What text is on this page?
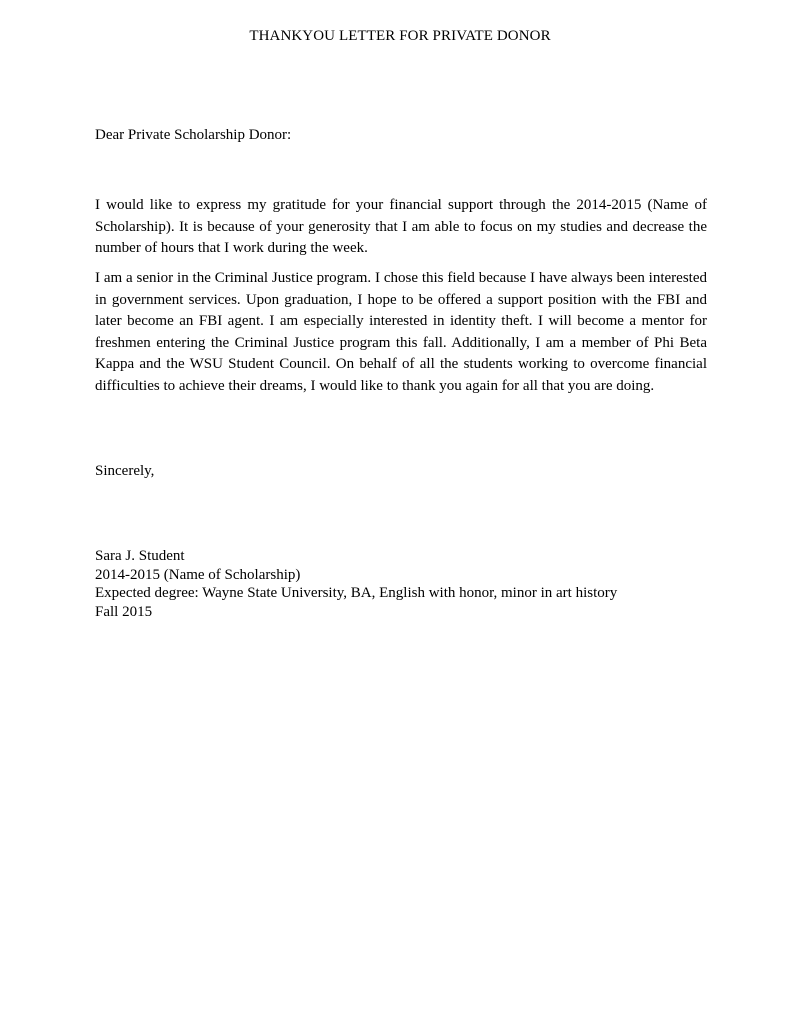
THANKYOU LETTER FOR PRIVATE DONOR
Dear Private Scholarship Donor:

I would like to express my gratitude for your financial support through the 2014-2015 (Name of Scholarship). It is because of your generosity that I am able to focus on my studies and decrease the number of hours that I work during the week.

I am a senior in the Criminal Justice program. I chose this field because I have always been interested in government services. Upon graduation, I hope to be offered a support position with the FBI and later become an FBI agent. I am especially interested in identity theft. I will become a mentor for freshmen entering the Criminal Justice program this fall. Additionally, I am a member of Phi Beta Kappa and the WSU Student Council. On behalf of all the students working to overcome financial difficulties to achieve their dreams, I would like to thank you again for all that you are doing.

Sincerely,
Sara J. Student
2014-2015 (Name of Scholarship)
Expected degree: Wayne State University, BA, English with honor, minor in art history
Fall 2015
